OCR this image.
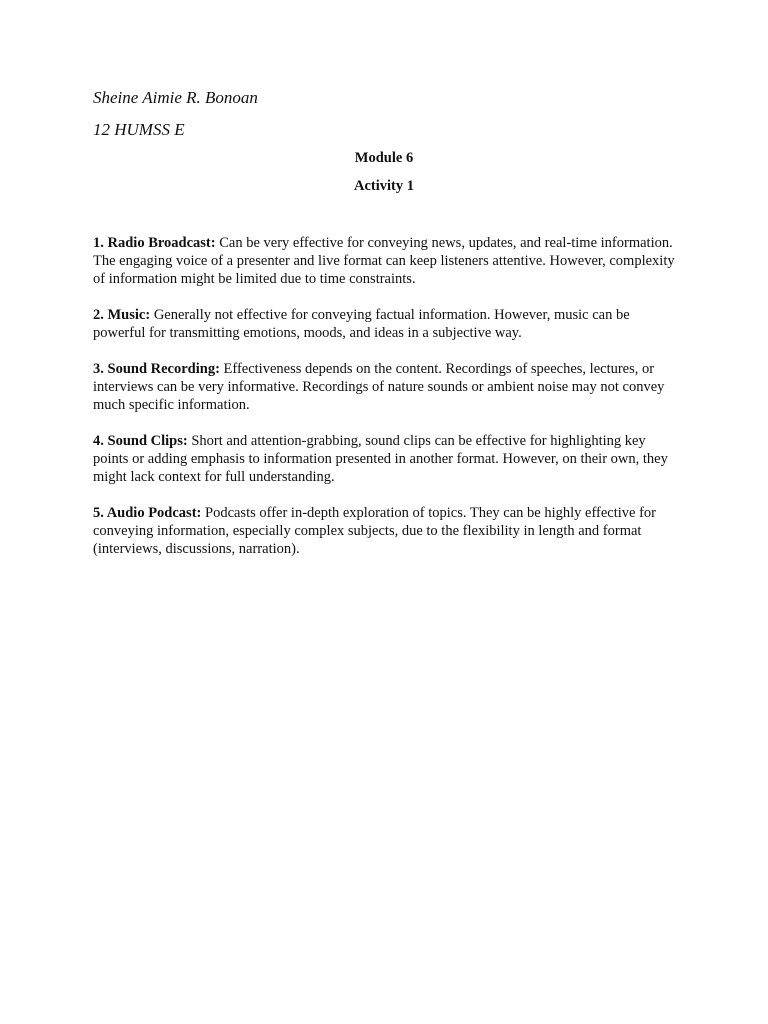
Sheine Aimie R. Bonoan
12 HUMSS E
Module 6
Activity 1

1. Radio Broadcast: Can be very effective for conveying news, updates, and real-time information. The engaging voice of a presenter and live format can keep listeners attentive. However, complexity of information might be limited due to time constraints.

2. Music: Generally not effective for conveying factual information. However, music can be powerful for transmitting emotions, moods, and ideas in a subjective way.

3. Sound Recording: Effectiveness depends on the content. Recordings of speeches, lectures, or interviews can be very informative. Recordings of nature sounds or ambient noise may not convey much specific information.

4. Sound Clips: Short and attention-grabbing, sound clips can be effective for highlighting key points or adding emphasis to information presented in another format. However, on their own, they might lack context for full understanding.

5. Audio Podcast: Podcasts offer in-depth exploration of topics. They can be highly effective for conveying information, especially complex subjects, due to the flexibility in length and format (interviews, discussions, narration).
